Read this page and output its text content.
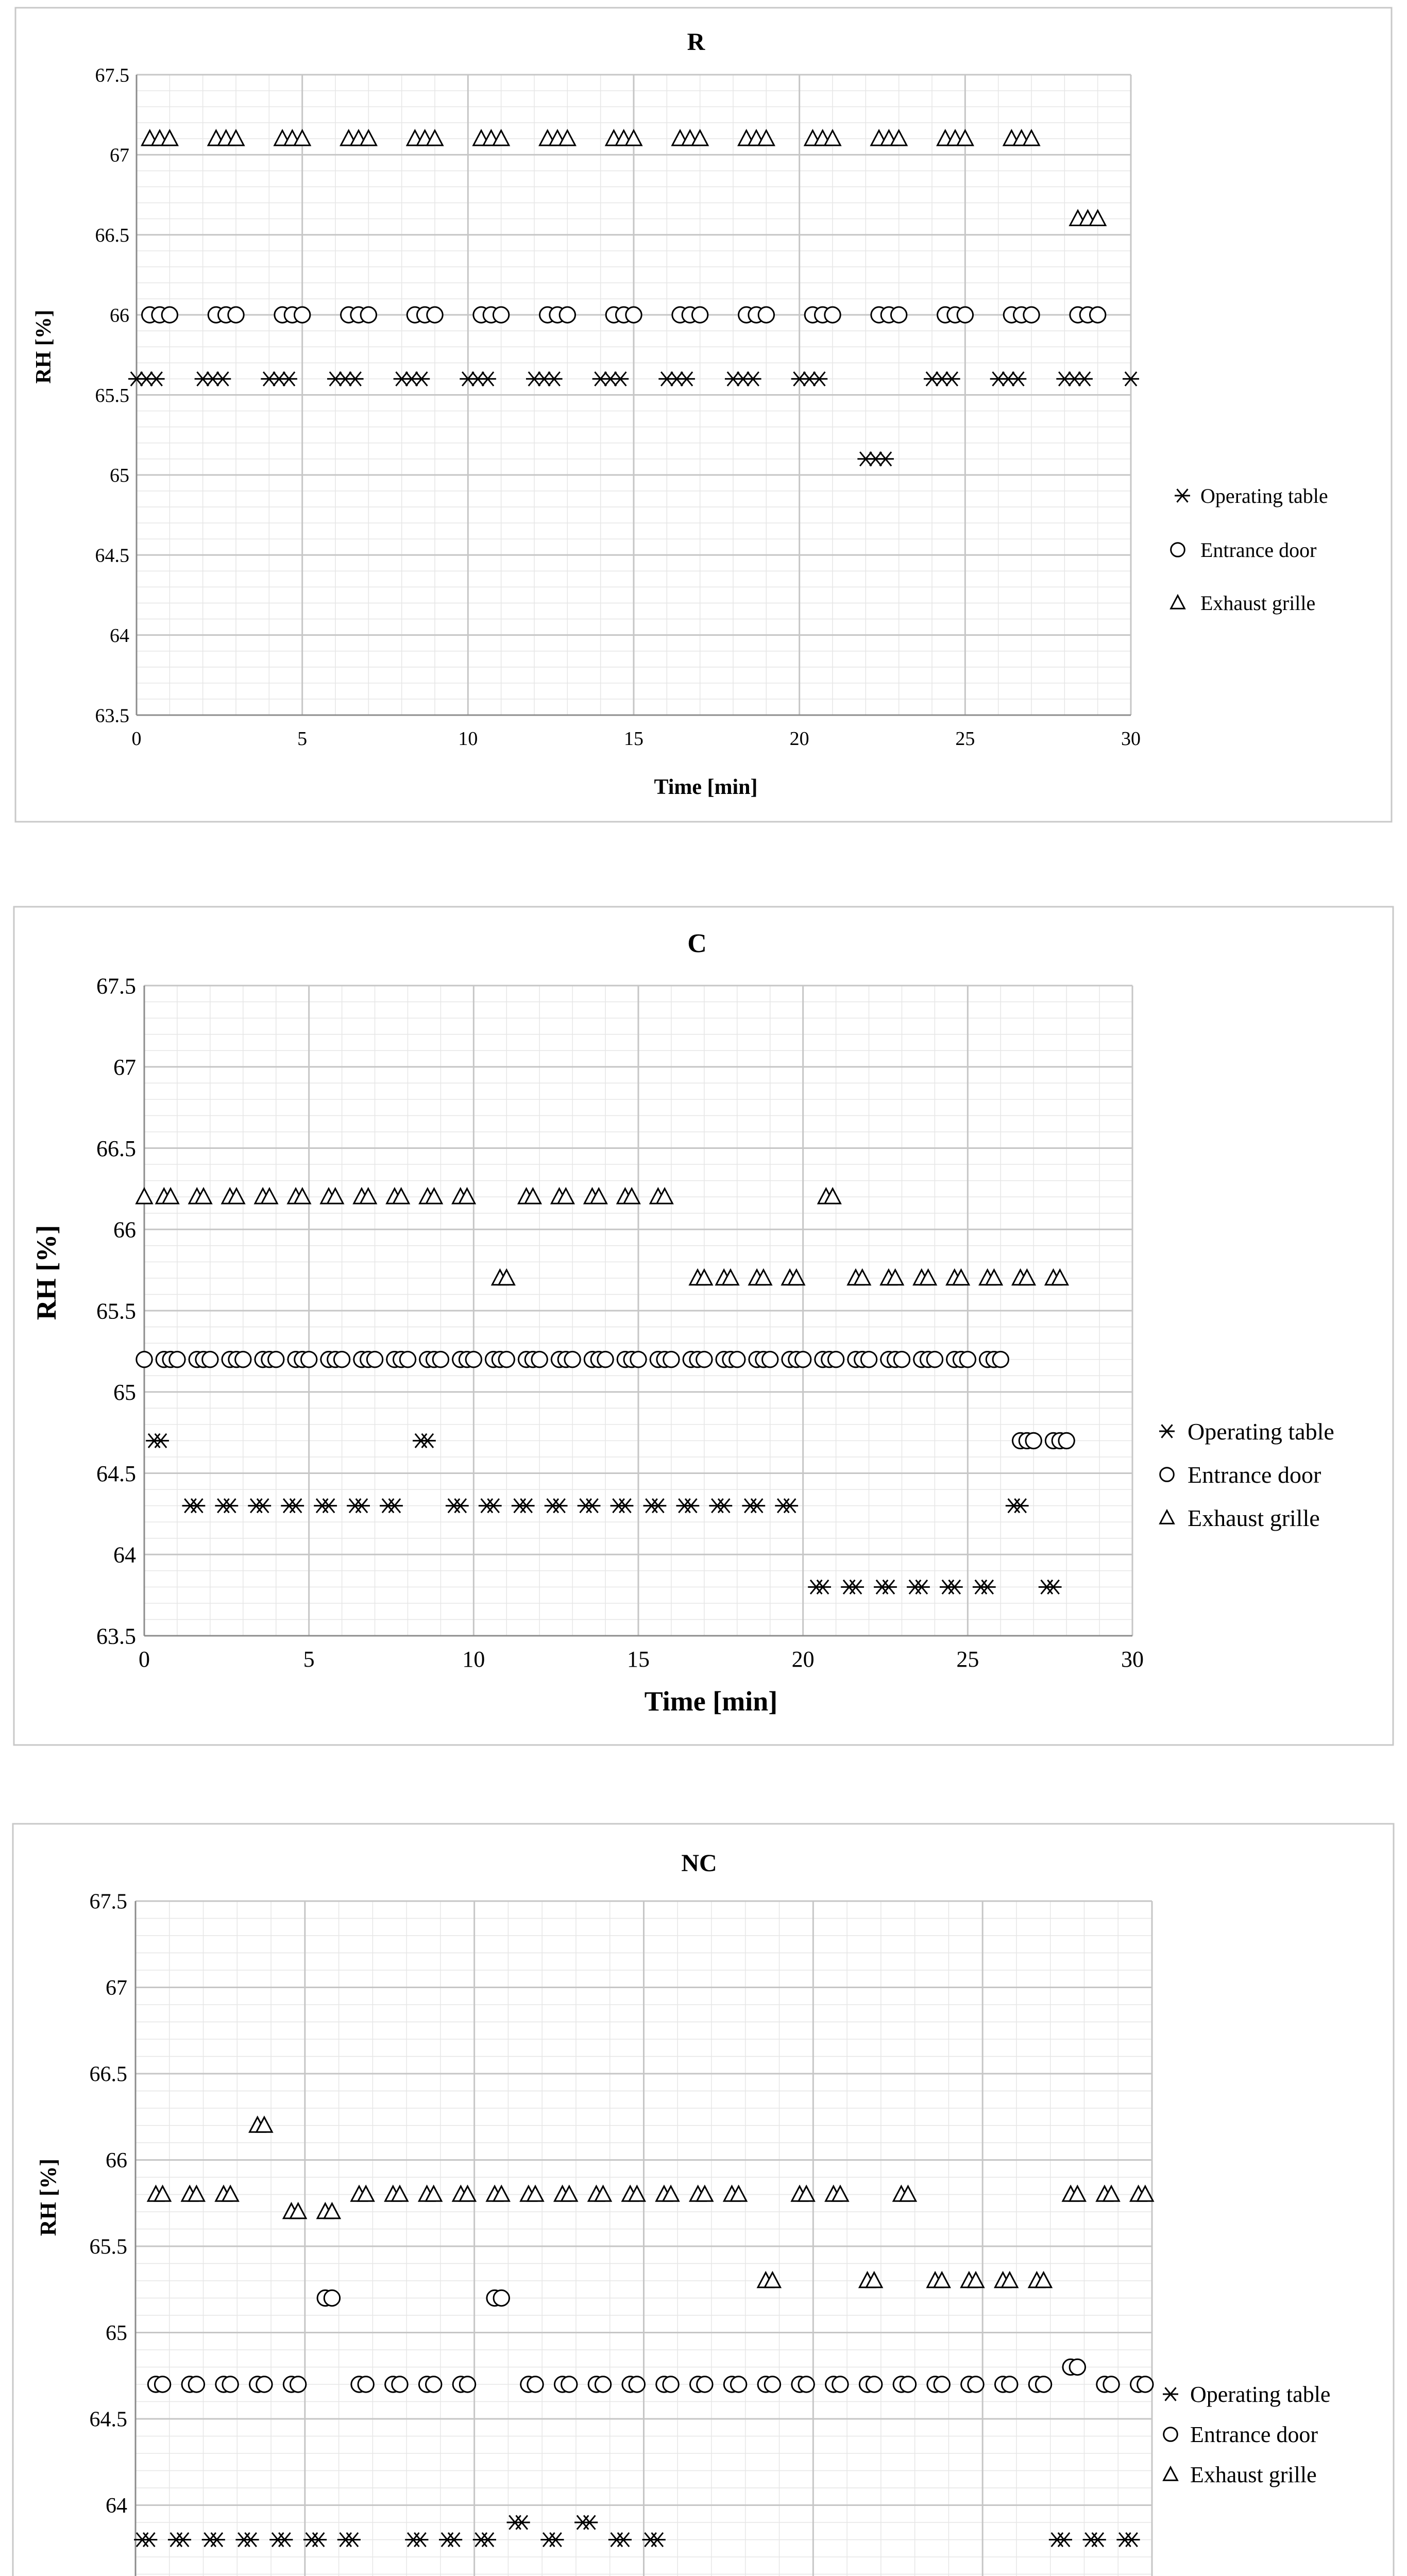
R
RH [%]
Time [min]
0	5	10	15	20	25	30
63.5
64
64.5
65
65.5
66
66.5
67
67.5
Operating table
Entrance door
Exhaust grille
C
RH [%]
Time [min]
0	5	10	15	20	25	30
63.5
64
64.5
65
65.5
66
66.5
67
67.5
Operating table
Entrance door
Exhaust grille
NC
RH [%]
64
64.5
65
65.5
66
66.5
67
67.5
Operating table
Entrance door
Exhaust grille
